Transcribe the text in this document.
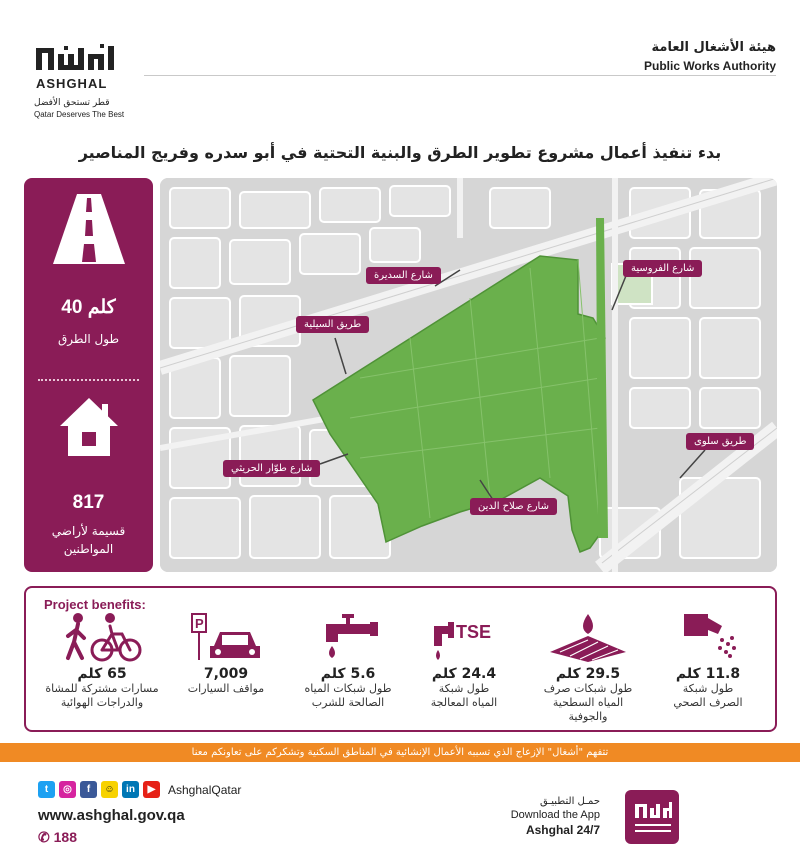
ASHGHAL
قطر تستحق الأفضل
Qatar Deserves The Best
هيئة الأشغال العامة
Public Works Authority
بدء تنفيذ أعمال مشروع تطوير الطرق والبنية التحتية في أبو سدره وفريج المناصير
40 كلم
طول الطرق
817
قسيمة لأراضي
المواطنين
شارع السديرة
شارع الفروسية
طريق السيلية
طريق سلوى
شارع طوّار الحريثي
شارع صلاح الدين
Project benefits:
65 كلم
مسارات مشتركة للمشاة
والدراجات الهوائية
P
7,009
مواقف السيارات
5.6 كلم
طول شبكات المياه
الصالحة للشرب
TSE
24.4 كلم
طول شبكة
المياه المعالجة
29.5 كلم
طول شبكات صرف
المياه السطحية
والجوفية
11.8 كلم
طول شبكة
الصرف الصحي
تتفهم "أشغال" الإزعاج الذي تسببه الأعمال الإنشائية في المناطق السكنية وتشكركم على تعاونكم معنا
t	◎	f	☺	in	▶	AshghalQatar
www.ashghal.gov.qa
✆ 188
حمـل التطبيـق
Download the App
Ashghal 24/7
